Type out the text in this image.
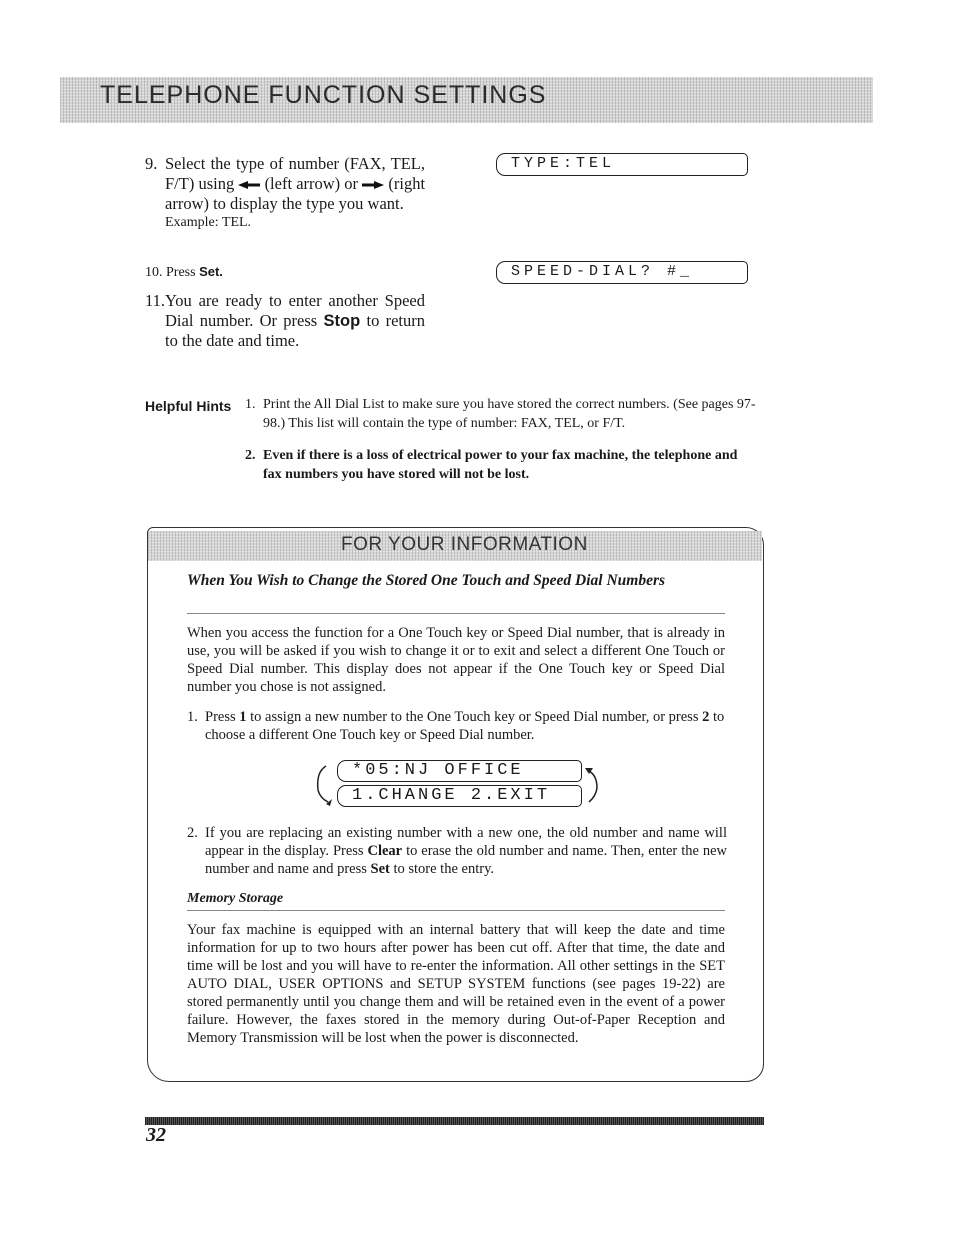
TELEPHONE FUNCTION SETTINGS
9. Select the type of number (FAX, TEL, F/T) using (left arrow) or (right arrow) to display the type you want.
Example: TEL.
10. Press Set.
11. You are ready to enter another Speed Dial number. Or press Stop to return to the date and time.
TYPE:TEL
SPEED-DIAL? #_
Helpful Hints 1. Print the All Dial List to make sure you have stored the correct numbers. (See pages 97-98.) This list will contain the type of number: FAX, TEL, or F/T.
2. Even if there is a loss of electrical power to your fax machine, the telephone and fax numbers you have stored will not be lost.
FOR YOUR INFORMATION
When You Wish to Change the Stored One Touch and Speed Dial Numbers
When you access the function for a One Touch key or Speed Dial number, that is already in use, you will be asked if you wish to change it or to exit and select a different One Touch or Speed Dial number. This display does not appear if the One Touch key or Speed Dial number you chose is not assigned.
1. Press 1 to assign a new number to the One Touch key or Speed Dial number, or press 2 to choose a different One Touch key or Speed Dial number.
*05:NJ OFFICE
1.CHANGE 2.EXIT
2. If you are replacing an existing number with a new one, the old number and name will appear in the display. Press Clear to erase the old number and name. Then, enter the new number and name and press Set to store the entry.
Memory Storage
Your fax machine is equipped with an internal battery that will keep the date and time information for up to two hours after power has been cut off. After that time, the date and time will be lost and you will have to re-enter the information. All other settings in the SET AUTO DIAL, USER OPTIONS and SETUP SYSTEM functions (see pages 19-22) are stored permanently until you change them and will be retained even in the event of a power failure. However, the faxes stored in the memory during Out-of-Paper Reception and Memory Transmission will be lost when the power is disconnected.
32
